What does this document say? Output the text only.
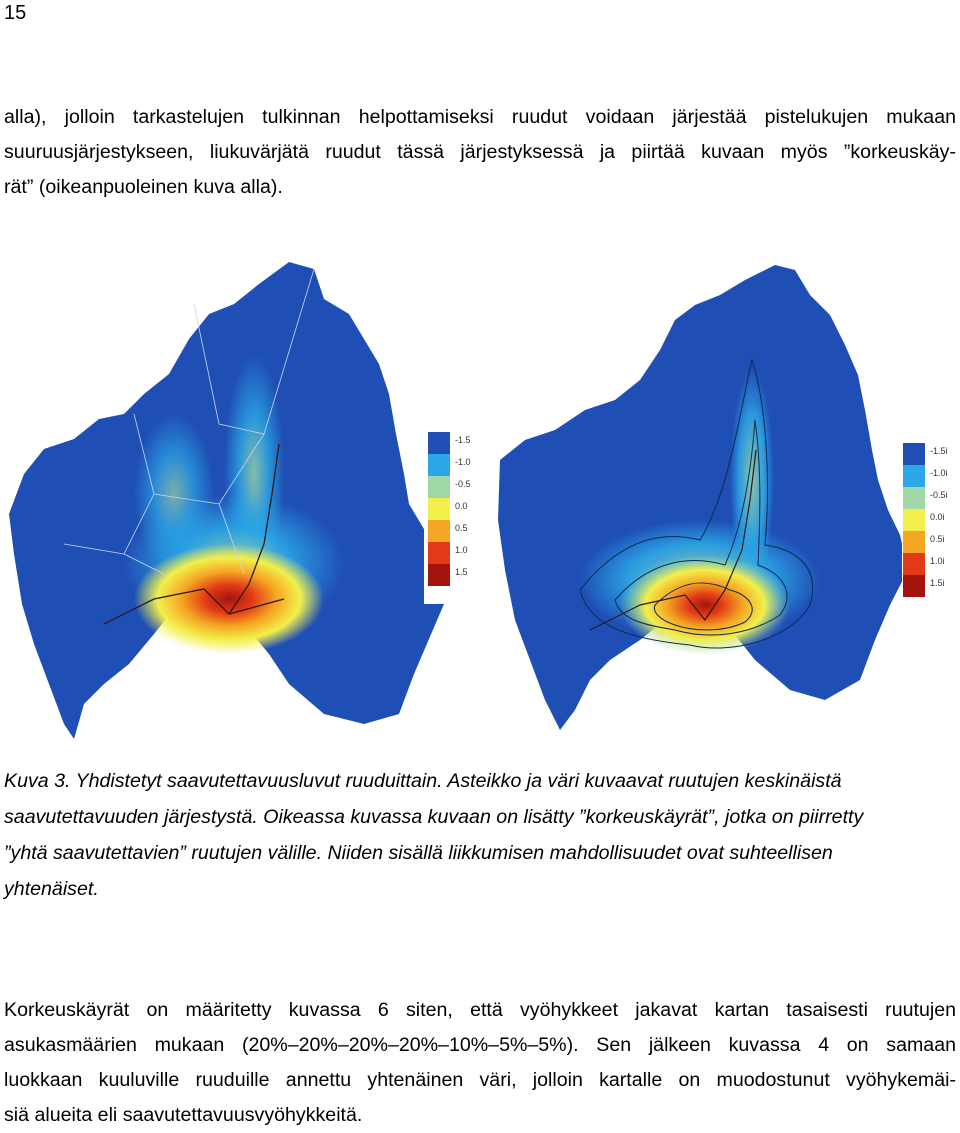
15

alla), jolloin tarkastelujen tulkinnan helpottamiseksi ruudut voidaan järjestää pistelukujen mukaan
suuruusjärjestykseen, liukuvärjätä ruudut tässä järjestyksessä ja piirtää kuvaan myös ”korkeuskäy-
rät” (oikeanpuoleinen kuva alla).

Kulkutavanvalintamallin logsum
Joukko- ja kevyt liikenne
2008
-1.5
-1.0
-0.5
0.0
0.5
1.0
1.5
Saavutettavuus
Joukko- ja kevyt liikenne
2008
-1.5i
-1.0i
-0.5i
0.0i
0.5i
1.0i
1.5i

Kuva 3. Yhdistetyt saavutettavuusluvut ruuduittain. Asteikko ja väri kuvaavat ruutujen keskinäistä
saavutettavuuden järjestystä. Oikeassa kuvassa kuvaan on lisätty ”korkeuskäyrät”, jotka on piirretty
”yhtä saavutettavien” ruutujen välille. Niiden sisällä liikkumisen mahdollisuudet ovat suhteellisen
yhtenäiset.

Korkeuskäyrät on määritetty kuvassa 6 siten, että vyöhykkeet jakavat kartan tasaisesti ruutujen
asukasmäärien mukaan (20%–20%–20%–20%–10%–5%–5%). Sen jälkeen kuvassa 4 on samaan
luokkaan kuuluville ruuduille annettu yhtenäinen väri, jolloin kartalle on muodostunut vyöhykemäi-
siä alueita eli saavutettavuusvyöhykkeitä.
